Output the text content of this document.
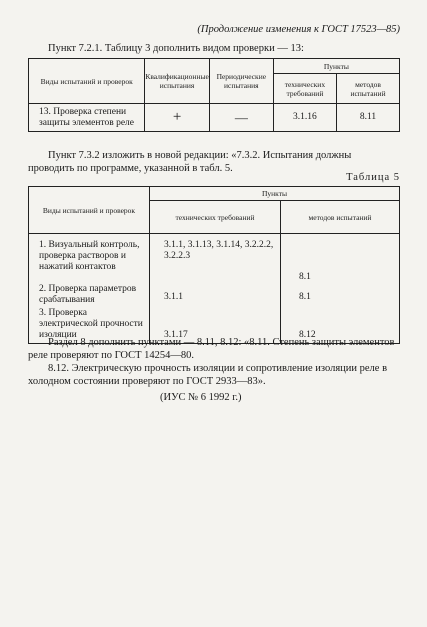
(Продолжение изменения к ГОСТ 17523—85)
Пункт 7.2.1. Таблицу 3 дополнить видом проверки — 13:
Виды испытаний и проверок	Квалификационные испытания	Периодические испытания	Пункты	
			технических требований	методов испытаний
13. Проверка степени защиты элементов реле	+	—	3.1.16	8.11
Пункт 7.3.2 изложить в новой редакции: «7.3.2. Испытания должны проводить по программе, указанной в табл. 5.
Таблица 5
Виды испытаний и проверок	Пункты	
	технических требований	методов испытаний
1. Визуальный контроль, проверка растворов и нажатий контактов	3.1.1, 3.1.13, 3.1.14, 3.2.2.2, 3.2.2.3	8.1
2. Проверка параметров срабатывания	3.1.1	8.1
3. Проверка электрической прочности изоляции	3.1.17	8.12
Раздел 8 дополнить пунктами — 8.11, 8.12: «8.11. Степень защиты элементов реле проверяют по ГОСТ 14254—80.
8.12. Электрическую прочность изоляции и сопротивление изоляции реле в холодном состоянии проверяют по ГОСТ 2933—83».
(ИУС № 6 1992 г.)
